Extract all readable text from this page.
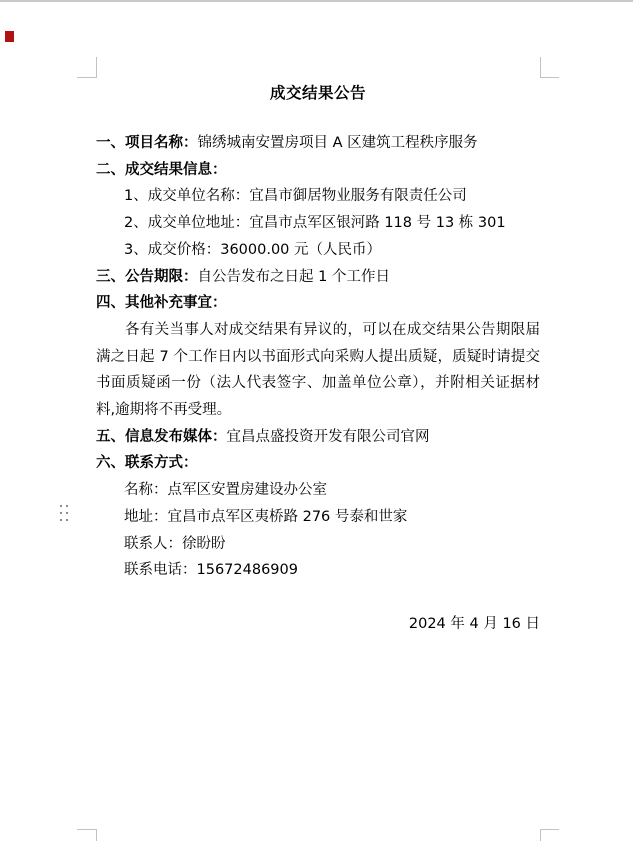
成交结果公告
一、项目名称：锦绣城南安置房项目 A 区建筑工程秩序服务
二、成交结果信息：
1、成交单位名称：宜昌市御居物业服务有限责任公司
2、成交单位地址：宜昌市点军区银河路 118 号 13 栋 301
3、成交价格：36000.00 元（人民币）
三、公告期限：自公告发布之日起 1 个工作日
四、其他补充事宜：
各有关当事人对成交结果有异议的，可以在成交结果公告期限届满之日起 7 个工作日内以书面形式向采购人提出质疑，质疑时请提交书面质疑函一份（法人代表签字、加盖单位公章），并附相关证据材料,逾期将不再受理。
五、信息发布媒体：宜昌点盛投资开发有限公司官网
六、联系方式：
名称：点军区安置房建设办公室
地址：宜昌市点军区夷桥路 276 号泰和世家
联系人：徐盼盼
联系电话：15672486909
2024 年 4 月 16 日
